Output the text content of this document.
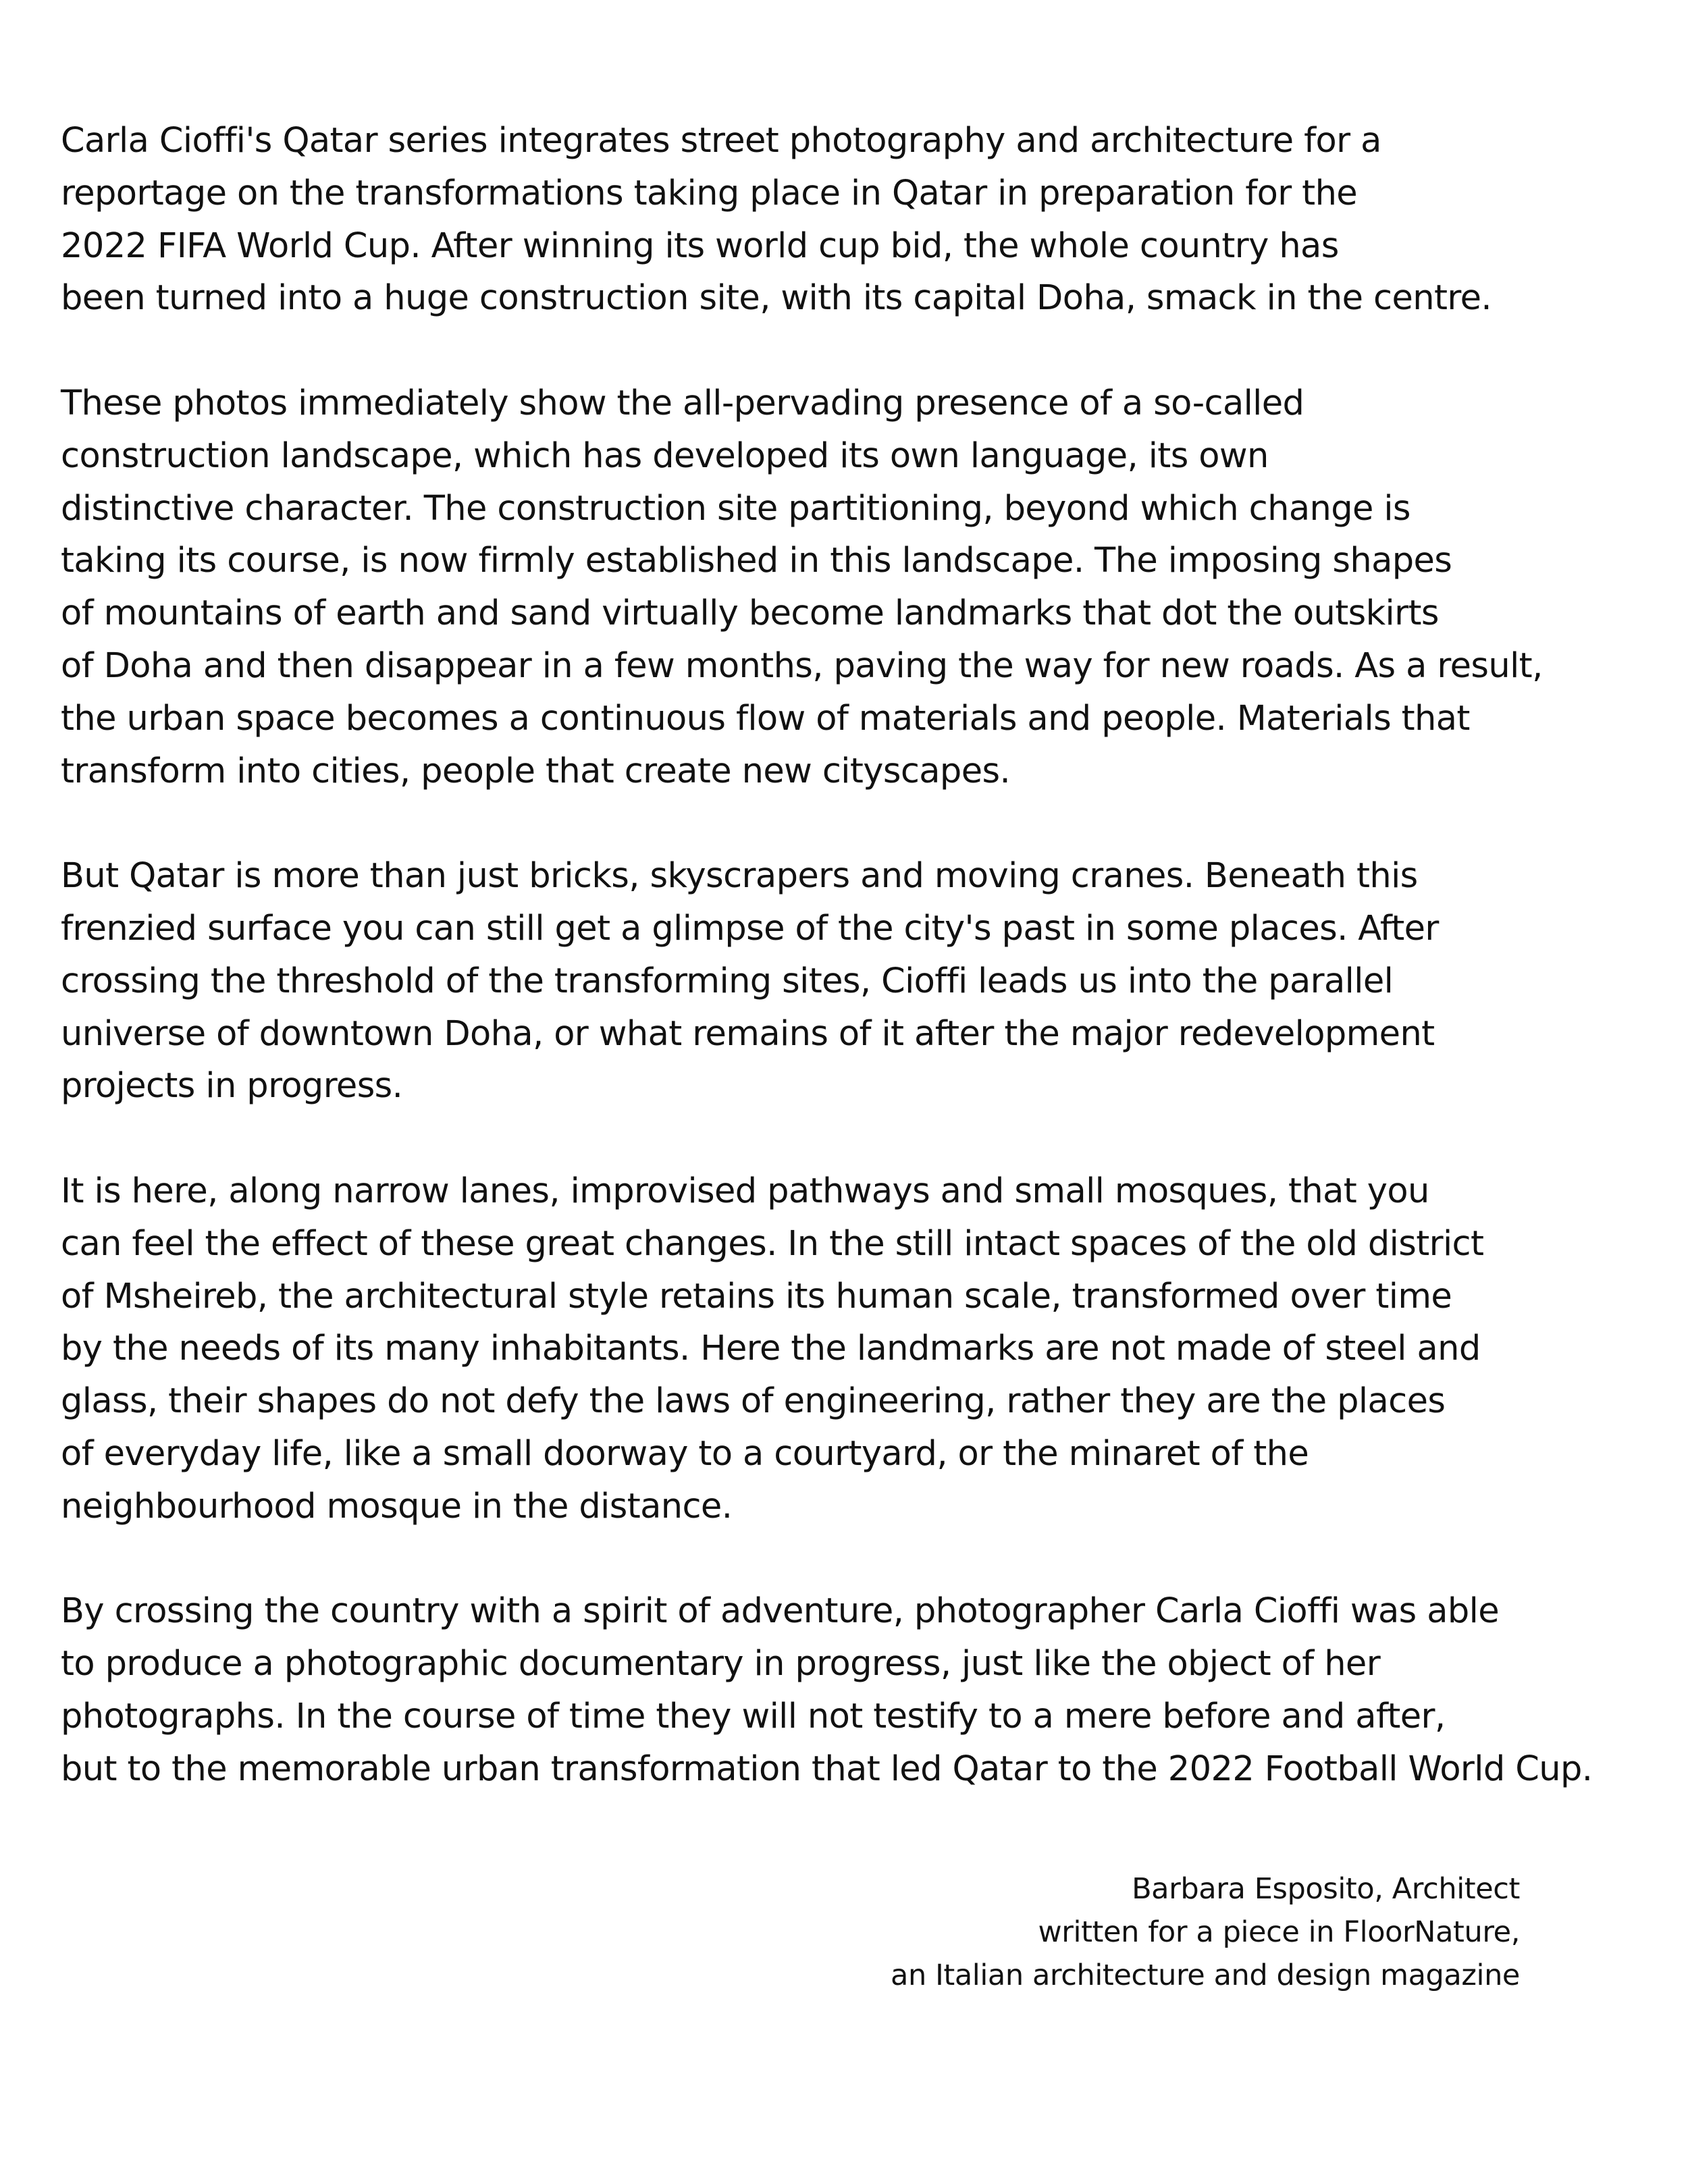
Carla Cioffi's Qatar series integrates street photography and architecture for a
reportage on the transformations taking place in Qatar in preparation for the
2022 FIFA World Cup. After winning its world cup bid, the whole country has
been turned into a huge construction site, with its capital Doha, smack in the centre.

These photos immediately show the all-pervading presence of a so-called
construction landscape, which has developed its own language, its own
distinctive character. The construction site partitioning, beyond which change is
taking its course, is now firmly established in this landscape. The imposing shapes
of mountains of earth and sand virtually become landmarks that dot the outskirts
of Doha and then disappear in a few months, paving the way for new roads. As a result,
the urban space becomes a continuous flow of materials and people. Materials that
transform into cities, people that create new cityscapes.

But Qatar is more than just bricks, skyscrapers and moving cranes. Beneath this
frenzied surface you can still get a glimpse of the city's past in some places. After
crossing the threshold of the transforming sites, Cioffi leads us into the parallel
universe of downtown Doha, or what remains of it after the major redevelopment
projects in progress.

It is here, along narrow lanes, improvised pathways and small mosques, that you
can feel the effect of these great changes. In the still intact spaces of the old district
of Msheireb, the architectural style retains its human scale, transformed over time
by the needs of its many inhabitants. Here the landmarks are not made of steel and
glass, their shapes do not defy the laws of engineering, rather they are the places
of everyday life, like a small doorway to a courtyard, or the minaret of the
neighbourhood mosque in the distance.

By crossing the country with a spirit of adventure, photographer Carla Cioffi was able
to produce a photographic documentary in progress, just like the object of her
photographs. In the course of time they will not testify to a mere before and after,
but to the memorable urban transformation that led Qatar to the 2022 Football World Cup.

Barbara Esposito, Architect
written for a piece in FloorNature,
an Italian architecture and design magazine
